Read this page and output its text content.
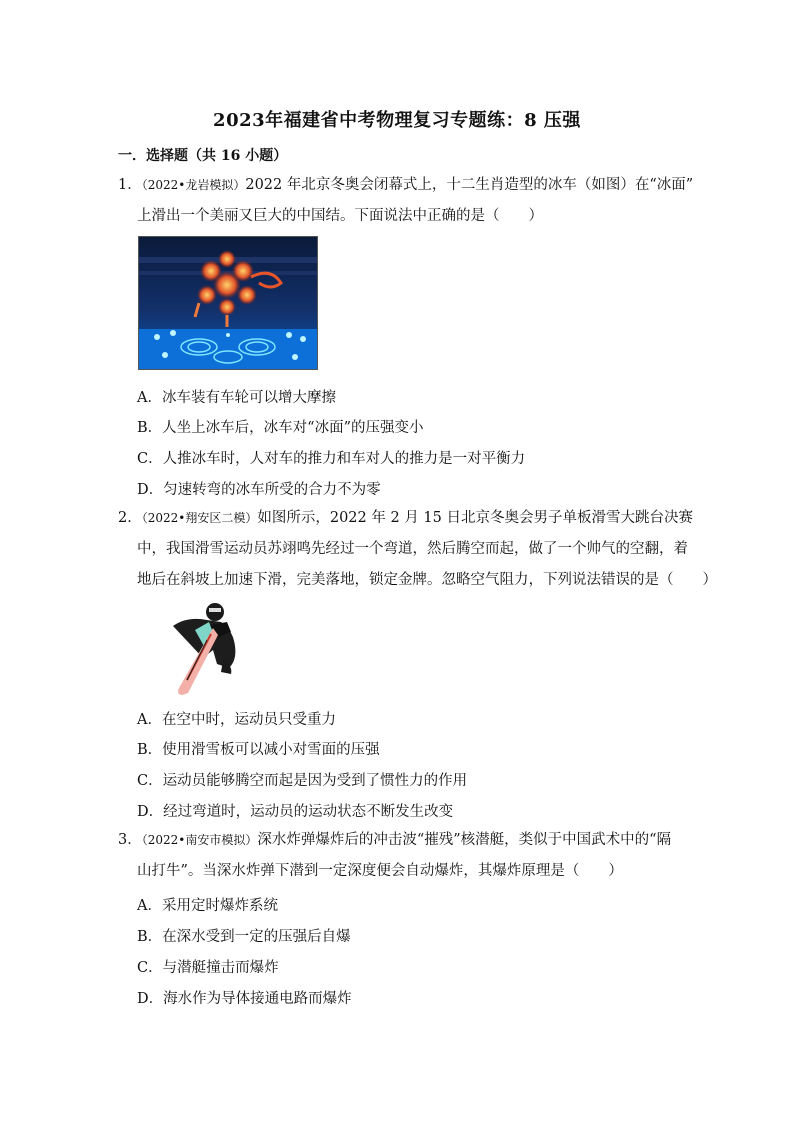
2023年福建省中考物理复习专题练：8 压强
一．选择题（共 16 小题）
1．（2022•龙岩模拟）2022 年北京冬奥会闭幕式上，十二生肖造型的冰车（如图）在“冰面”
上滑出一个美丽又巨大的中国结。下面说法中正确的是（　　）
A．冰车装有车轮可以增大摩擦
B．人坐上冰车后，冰车对“冰面”的压强变小
C．人推冰车时，人对车的推力和车对人的推力是一对平衡力
D．匀速转弯的冰车所受的合力不为零
2．（2022•翔安区二模）如图所示，2022 年 2 月 15 日北京冬奥会男子单板滑雪大跳台决赛
中，我国滑雪运动员苏翊鸣先经过一个弯道，然后腾空而起，做了一个帅气的空翻，着
地后在斜坡上加速下滑，完美落地，锁定金牌。忽略空气阻力，下列说法错误的是（　　）
A．在空中时，运动员只受重力
B．使用滑雪板可以减小对雪面的压强
C．运动员能够腾空而起是因为受到了惯性力的作用
D．经过弯道时，运动员的运动状态不断发生改变
3．（2022•南安市模拟）深水炸弹爆炸后的冲击波“摧残”核潜艇，类似于中国武术中的“隔
山打牛”。当深水炸弹下潜到一定深度便会自动爆炸，其爆炸原理是（　　）
A．采用定时爆炸系统
B．在深水受到一定的压强后自爆
C．与潜艇撞击而爆炸
D．海水作为导体接通电路而爆炸
